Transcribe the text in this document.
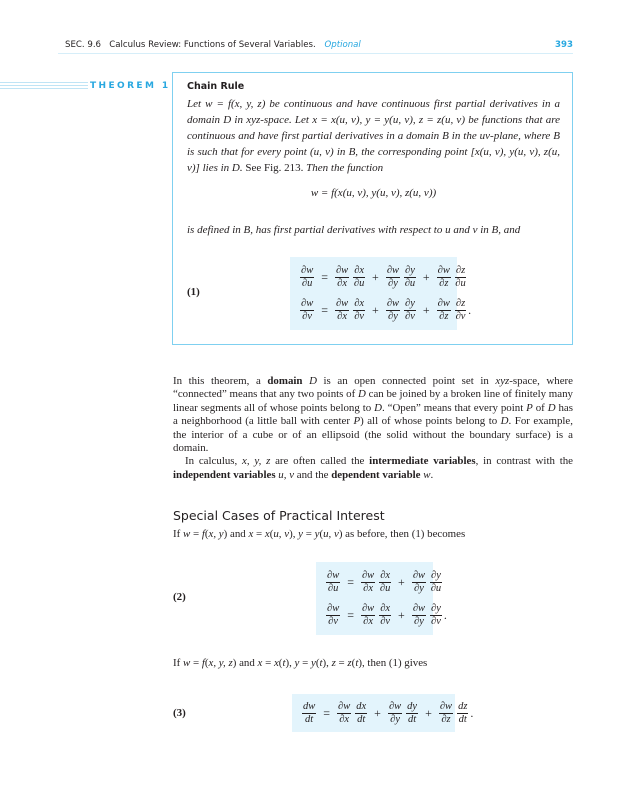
SEC. 9.6 Calculus Review: Functions of Several Variables. Optional	393
THEOREM 1 Chain Rule
Let w = f(x, y, z) be continuous and have continuous first partial derivatives in a domain D in xyz-space. Let x = x(u, v), y = y(u, v), z = z(u, v) be functions that are continuous and have first partial derivatives in a domain B in the uv-plane, where B is such that for every point (u, v) in B, the corresponding point [x(u, v), y(u, v), z(u, v)] lies in D. See Fig. 213. Then the function
w = f(x(u, v), y(u, v), z(u, v))
is defined in B, has first partial derivatives with respect to u and v in B, and
(1)
$\frac{\partial w}{\partial u} = \frac{\partial w}{\partial x} \frac{\partial x}{\partial u} + \frac{\partial w}{\partial y} \frac{\partial y}{\partial u} + \frac{\partial w}{\partial z} \frac{\partial z}{\partial u}$
$\frac{\partial w}{\partial v} = \frac{\partial w}{\partial x} \frac{\partial x}{\partial v} + \frac{\partial w}{\partial y} \frac{\partial y}{\partial v} + \frac{\partial w}{\partial z} \frac{\partial z}{\partial v}$ .

In this theorem, a domain D is an open connected point set in xyz-space, where “connected” means that any two points of D can be joined by a broken line of finitely many linear segments all of whose points belong to D. “Open” means that every point P of D has a neighborhood (a little ball with center P) all of whose points belong to D. For example, the interior of a cube or of an ellipsoid (the solid without the boundary surface) is a domain.

In calculus, x, y, z are often called the intermediate variables, in contrast with the independent variables u, v and the dependent variable w.

Special Cases of Practical Interest
If w = f(x, y) and x = x(u, v), y = y(u, v) as before, then (1) becomes
(2)
$\frac{\partial w}{\partial u} = \frac{\partial w}{\partial x} \frac{\partial x}{\partial u} + \frac{\partial w}{\partial y} \frac{\partial y}{\partial u}$
$\frac{\partial w}{\partial v} = \frac{\partial w}{\partial x} \frac{\partial x}{\partial v} + \frac{\partial w}{\partial y} \frac{\partial y}{\partial v}$ .
If w = f(x, y, z) and x = x(t), y = y(t), z = z(t), then (1) gives
(3)	$\frac{dw}{dt} = \frac{\partial w}{\partial x} \frac{dx}{dt} + \frac{\partial w}{\partial y} \frac{dy}{dt} + \frac{\partial w}{\partial z} \frac{dz}{dt}$ .
